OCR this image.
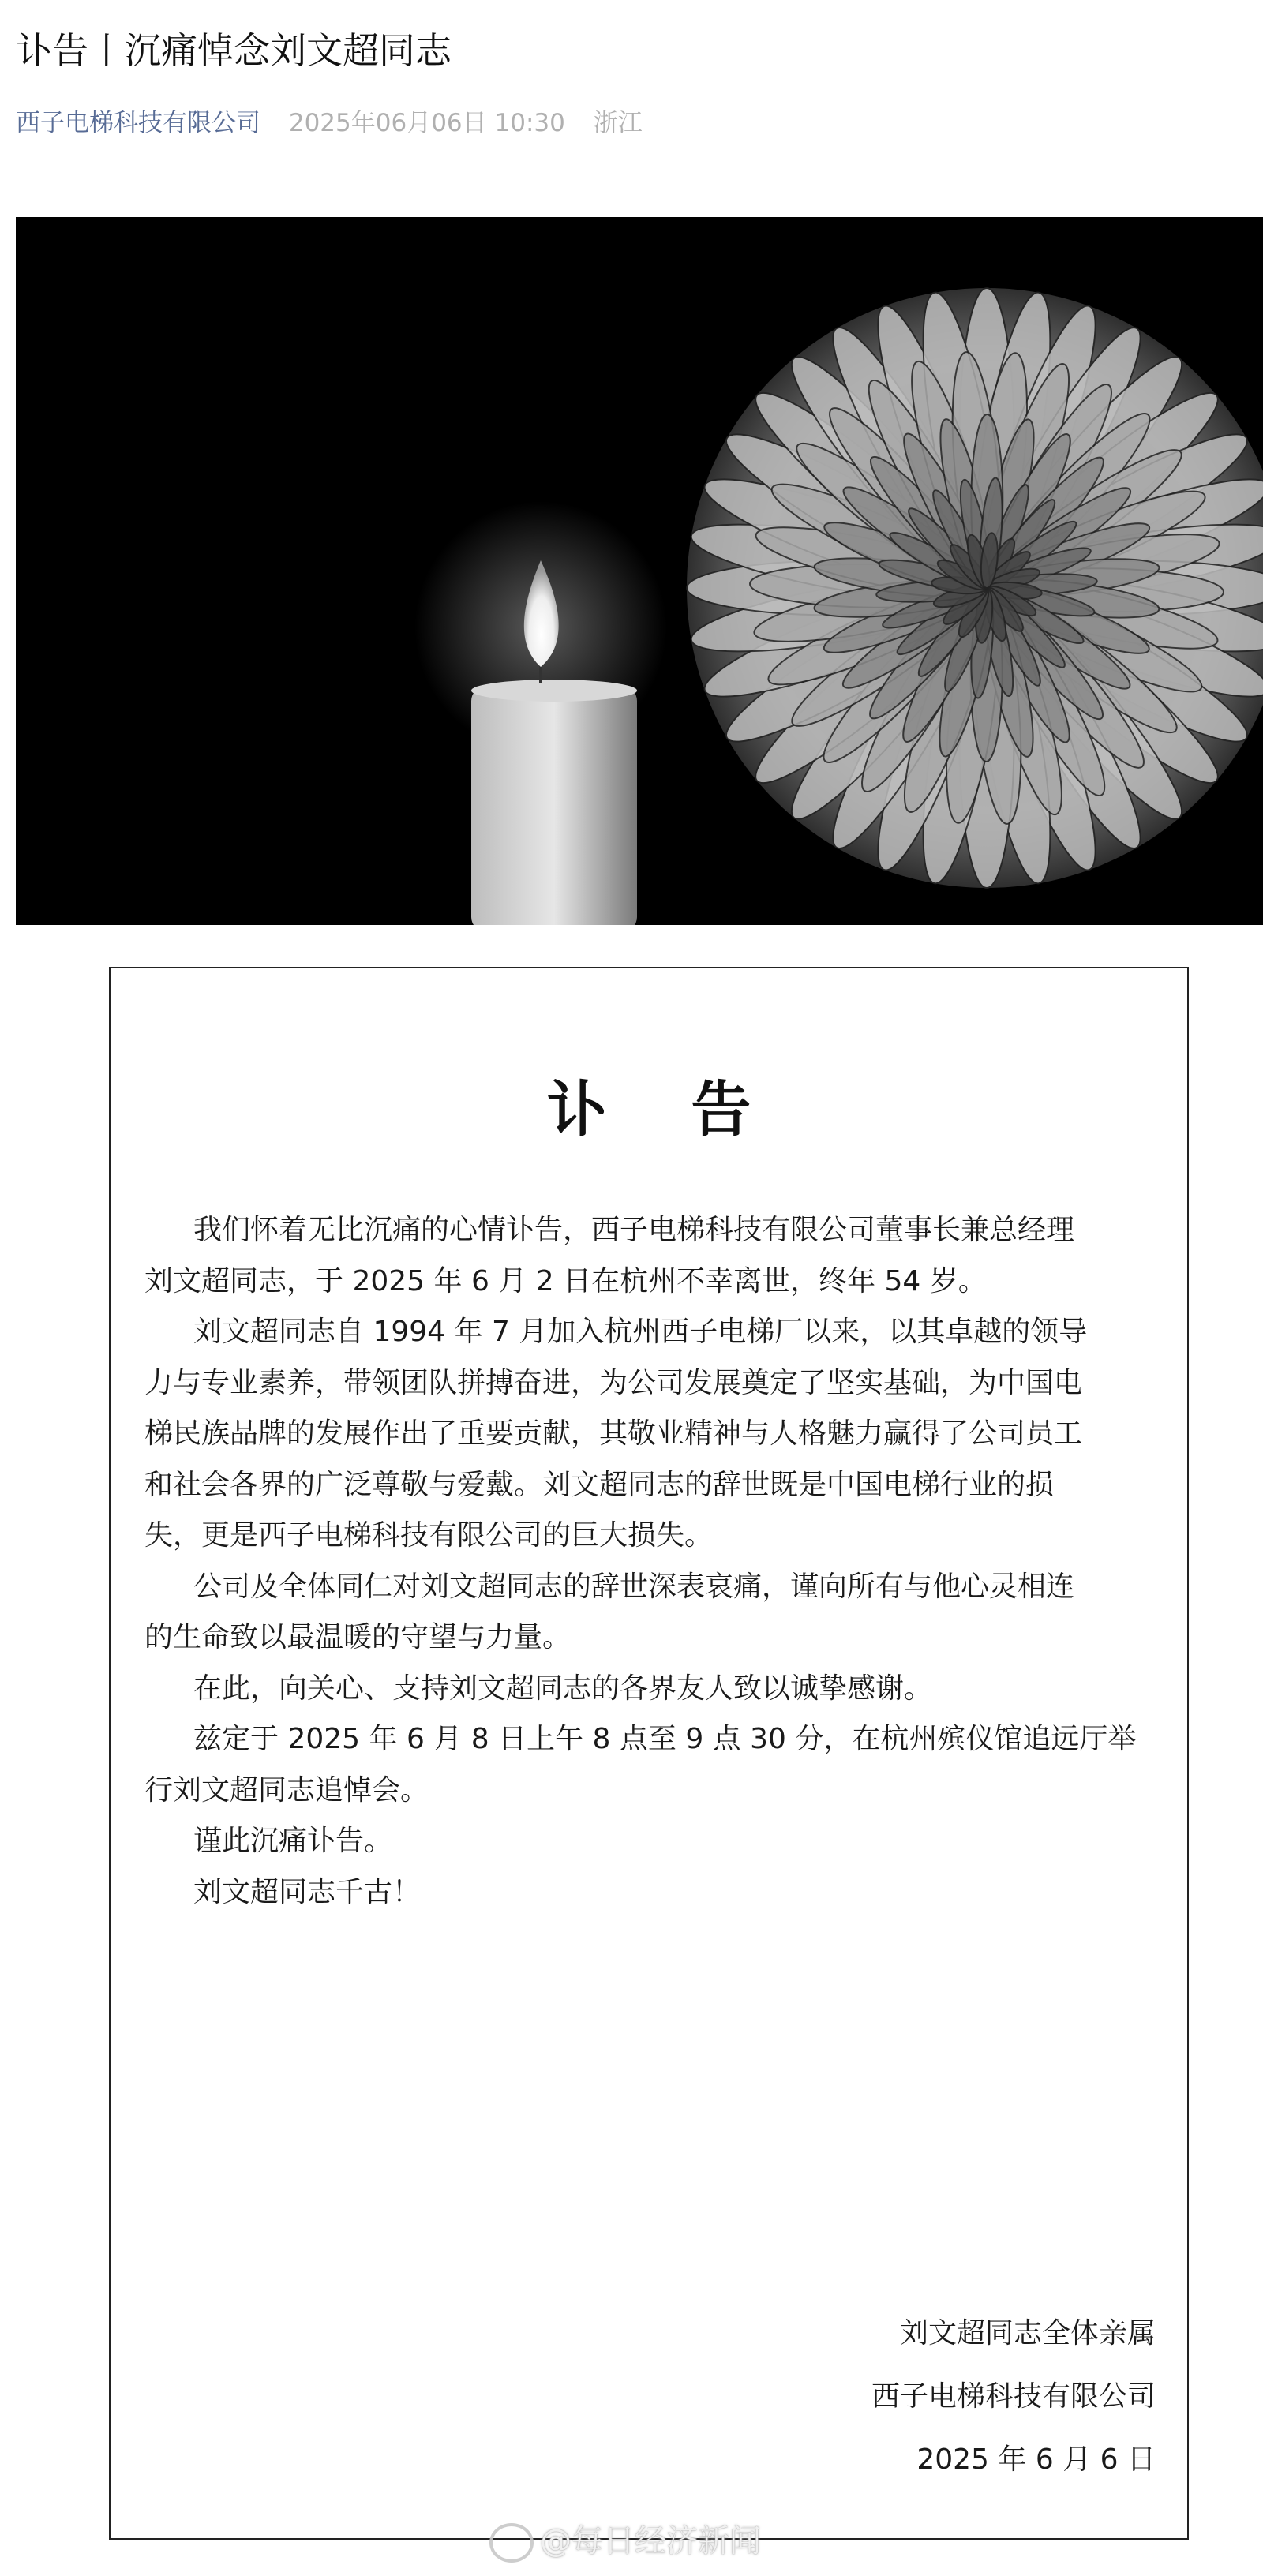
讣告丨沉痛悼念刘文超同志
西子电梯科技有限公司 2025年06月06日 10:30 浙江
讣 告
我们怀着无比沉痛的心情讣告，西子电梯科技有限公司董事长兼总经理
刘文超同志，于 2025 年 6 月 2 日在杭州不幸离世，终年 54 岁。
刘文超同志自 1994 年 7 月加入杭州西子电梯厂以来，以其卓越的领导
力与专业素养，带领团队拼搏奋进，为公司发展奠定了坚实基础，为中国电
梯民族品牌的发展作出了重要贡献，其敬业精神与人格魅力赢得了公司员工
和社会各界的广泛尊敬与爱戴。刘文超同志的辞世既是中国电梯行业的损
失，更是西子电梯科技有限公司的巨大损失。
公司及全体同仁对刘文超同志的辞世深表哀痛，谨向所有与他心灵相连
的生命致以最温暖的守望与力量。
在此，向关心、支持刘文超同志的各界友人致以诚挚感谢。
兹定于 2025 年 6 月 8 日上午 8 点至 9 点 30 分，在杭州殡仪馆追远厅举
行刘文超同志追悼会。
谨此沉痛讣告。
刘文超同志千古！
刘文超同志全体亲属
西子电梯科技有限公司
2025 年 6 月 6 日
@每日经济新闻
